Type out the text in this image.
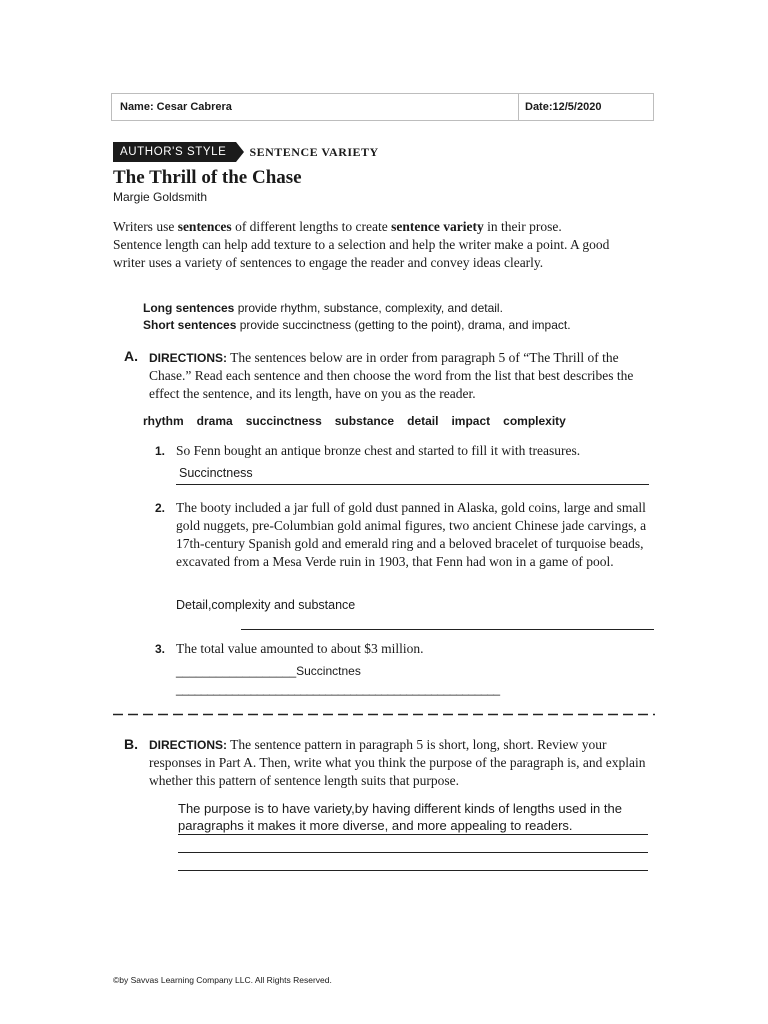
Name: Cesar Cabrera	Date:12/5/2020
AUTHOR'S STYLE	SENTENCE VARIETY
The Thrill of the Chase
Margie Goldsmith
Writers use sentences of different lengths to create sentence variety in their prose. Sentence length can help add texture to a selection and help the writer make a point. A good writer uses a variety of sentences to engage the reader and convey ideas clearly.
Long sentences provide rhythm, substance, complexity, and detail.
Short sentences provide succinctness (getting to the point), drama, and impact.
A. DIRECTIONS: The sentences below are in order from paragraph 5 of “The Thrill of the Chase.” Read each sentence and then choose the word from the list that best describes the effect the sentence, and its length, have on you as the reader.
rhythm drama succinctness substance detail impact complexity
1. So Fenn bought an antique bronze chest and started to fill it with treasures.
Succinctness
2. The booty included a jar full of gold dust panned in Alaska, gold coins, large and small gold nuggets, pre-Columbian gold animal figures, two ancient Chinese jade carvings, a 17th-century Spanish gold and emerald ring and a beloved bracelet of turquoise beads, excavated from a Mesa Verde ruin in 1903, that Fenn had won in a game of pool.
Detail,complexity and substance
3. The total value amounted to about $3 million.
__________________Succinctnes
____________________________________________________
B. DIRECTIONS: The sentence pattern in paragraph 5 is short, long, short. Review your responses in Part A. Then, write what you think the purpose of the paragraph is, and explain whether this pattern of sentence length suits that purpose.
The purpose is to have variety,by having different kinds of lengths used in the paragraphs it makes it more diverse, and more appealing to readers.
©by Savvas Learning Company LLC. All Rights Reserved.
